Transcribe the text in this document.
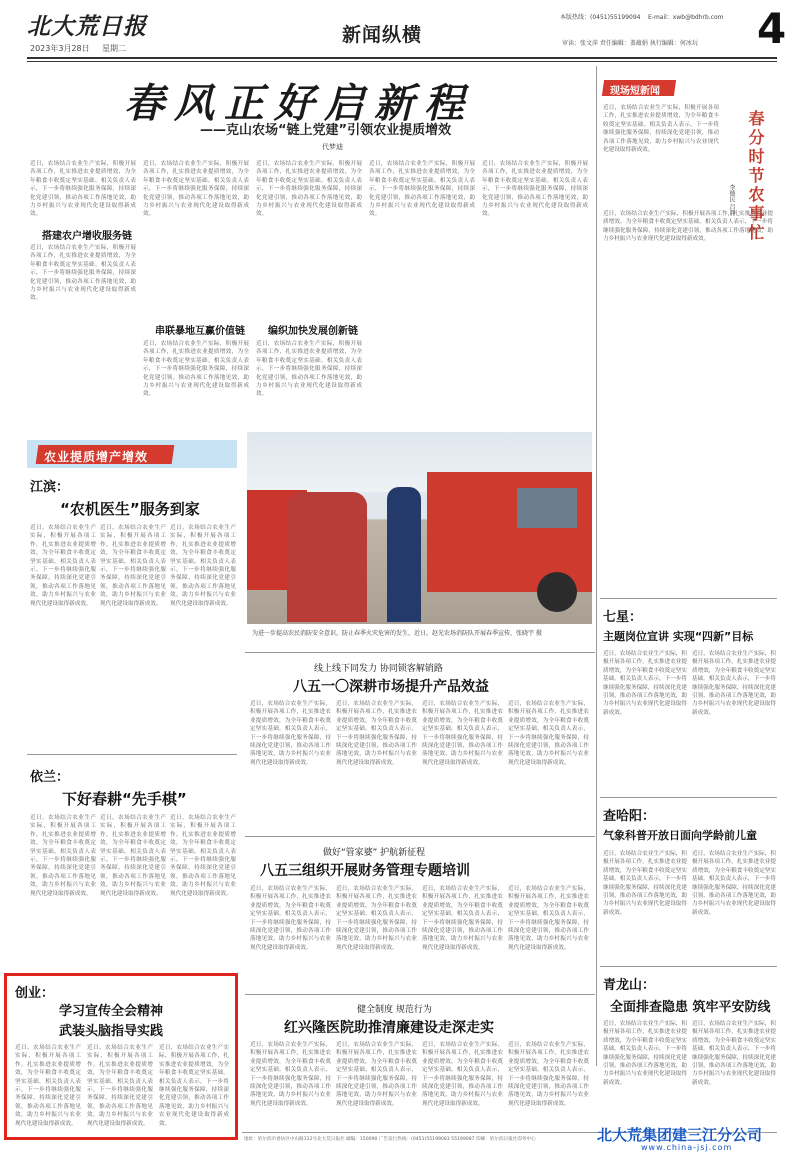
北大荒日报
2023年3月28日 星期二
新闻纵横
本版热线：(0451)55199094 E-mail：xwb@bdhrb.com
审读：张文萍 责任编辑：盖蕴娟 执行编辑：何冰玩 4
春风正好启新程
——克山农场“链上党建”引领农业提质增效
代梦迪
近日，农场结合农业生产实际，积极开展各项工作，扎实推进农业提质增效，为全年粮食丰收奠定坚实基础。相关负责人表示，下一步将继续强化服务保障，持续深化党建引领，推动各项工作落地见效，助力乡村振兴与农业现代化建设取得新成效。
搭建农户增收服务链
近日，农场结合农业生产实际，积极开展各项工作，扎实推进农业提质增效，为全年粮食丰收奠定坚实基础。相关负责人表示，下一步将继续强化服务保障，持续深化党建引领，推动各项工作落地见效，助力乡村振兴与农业现代化建设取得新成效。
近日，农场结合农业生产实际，积极开展各项工作，扎实推进农业提质增效，为全年粮食丰收奠定坚实基础。相关负责人表示，下一步将继续强化服务保障，持续深化党建引领，推动各项工作落地见效，助力乡村振兴与农业现代化建设取得新成效。
串联暴地互赢价值链
近日，农场结合农业生产实际，积极开展各项工作，扎实推进农业提质增效，为全年粮食丰收奠定坚实基础。相关负责人表示，下一步将继续强化服务保障，持续深化党建引领，推动各项工作落地见效，助力乡村振兴与农业现代化建设取得新成效。
近日，农场结合农业生产实际，积极开展各项工作，扎实推进农业提质增效，为全年粮食丰收奠定坚实基础。相关负责人表示，下一步将继续强化服务保障，持续深化党建引领，推动各项工作落地见效，助力乡村振兴与农业现代化建设取得新成效。
编织加快发展创新链
近日，农场结合农业生产实际，积极开展各项工作，扎实推进农业提质增效，为全年粮食丰收奠定坚实基础。相关负责人表示，下一步将继续强化服务保障，持续深化党建引领，推动各项工作落地见效，助力乡村振兴与农业现代化建设取得新成效。
近日，农场结合农业生产实际，积极开展各项工作，扎实推进农业提质增效，为全年粮食丰收奠定坚实基础。相关负责人表示，下一步将继续强化服务保障，持续深化党建引领，推动各项工作落地见效，助力乡村振兴与农业现代化建设取得新成效。
近日，农场结合农业生产实际，积极开展各项工作，扎实推进农业提质增效，为全年粮食丰收奠定坚实基础。相关负责人表示，下一步将继续强化服务保障，持续深化党建引领，推动各项工作落地见效，助力乡村振兴与农业现代化建设取得新成效。
现场短新闻
近日，农场结合农业生产实际，积极开展各项工作，扎实推进农业提质增效，为全年粮食丰收奠定坚实基础。相关负责人表示，下一步将继续强化服务保障，持续深化党建引领，推动各项工作落地见效，助力乡村振兴与农业现代化建设取得新成效。	春分时节农事忙
李德民 吕静
近日，农场结合农业生产实际，积极开展各项工作，扎实推进农业提质增效，为全年粮食丰收奠定坚实基础。相关负责人表示，下一步将继续强化服务保障，持续深化党建引领，推动各项工作落地见效，助力乡村振兴与农业现代化建设取得新成效。
农业提质增产增效
江滨：
“农机医生”服务到家
近日，农场结合农业生产实际，积极开展各项工作，扎实推进农业提质增效，为全年粮食丰收奠定坚实基础。相关负责人表示，下一步将继续强化服务保障，持续深化党建引领，推动各项工作落地见效，助力乡村振兴与农业现代化建设取得新成效。
近日，农场结合农业生产实际，积极开展各项工作，扎实推进农业提质增效，为全年粮食丰收奠定坚实基础。相关负责人表示，下一步将继续强化服务保障，持续深化党建引领，推动各项工作落地见效，助力乡村振兴与农业现代化建设取得新成效。
近日，农场结合农业生产实际，积极开展各项工作，扎实推进农业提质增效，为全年粮食丰收奠定坚实基础。相关负责人表示，下一步将继续强化服务保障，持续深化党建引领，推动各项工作落地见效，助力乡村振兴与农业现代化建设取得新成效。
为进一步提高农民消防安全意识，防止春季火灾危害的发生，近日，赵光农场消防队开展春季宣传，张晓宇 摄
线上线下同发力 协同锁客解销路
八五一〇深耕市场提升产品效益
近日，农场结合农业生产实际，积极开展各项工作，扎实推进农业提质增效，为全年粮食丰收奠定坚实基础。相关负责人表示，下一步将继续强化服务保障，持续深化党建引领，推动各项工作落地见效，助力乡村振兴与农业现代化建设取得新成效。
近日，农场结合农业生产实际，积极开展各项工作，扎实推进农业提质增效，为全年粮食丰收奠定坚实基础。相关负责人表示，下一步将继续强化服务保障，持续深化党建引领，推动各项工作落地见效，助力乡村振兴与农业现代化建设取得新成效。
近日，农场结合农业生产实际，积极开展各项工作，扎实推进农业提质增效，为全年粮食丰收奠定坚实基础。相关负责人表示，下一步将继续强化服务保障，持续深化党建引领，推动各项工作落地见效，助力乡村振兴与农业现代化建设取得新成效。
近日，农场结合农业生产实际，积极开展各项工作，扎实推进农业提质增效，为全年粮食丰收奠定坚实基础。相关负责人表示，下一步将继续强化服务保障，持续深化党建引领，推动各项工作落地见效，助力乡村振兴与农业现代化建设取得新成效。
依兰：
下好春耕“先手棋”
近日，农场结合农业生产实际，积极开展各项工作，扎实推进农业提质增效，为全年粮食丰收奠定坚实基础。相关负责人表示，下一步将继续强化服务保障，持续深化党建引领，推动各项工作落地见效，助力乡村振兴与农业现代化建设取得新成效。
近日，农场结合农业生产实际，积极开展各项工作，扎实推进农业提质增效，为全年粮食丰收奠定坚实基础。相关负责人表示，下一步将继续强化服务保障，持续深化党建引领，推动各项工作落地见效，助力乡村振兴与农业现代化建设取得新成效。
近日，农场结合农业生产实际，积极开展各项工作，扎实推进农业提质增效，为全年粮食丰收奠定坚实基础。相关负责人表示，下一步将继续强化服务保障，持续深化党建引领，推动各项工作落地见效，助力乡村振兴与农业现代化建设取得新成效。
做好“管家婆” 护航新征程
八五三组织开展财务管理专题培训
近日，农场结合农业生产实际，积极开展各项工作，扎实推进农业提质增效，为全年粮食丰收奠定坚实基础。相关负责人表示，下一步将继续强化服务保障，持续深化党建引领，推动各项工作落地见效，助力乡村振兴与农业现代化建设取得新成效。
近日，农场结合农业生产实际，积极开展各项工作，扎实推进农业提质增效，为全年粮食丰收奠定坚实基础。相关负责人表示，下一步将继续强化服务保障，持续深化党建引领，推动各项工作落地见效，助力乡村振兴与农业现代化建设取得新成效。
近日，农场结合农业生产实际，积极开展各项工作，扎实推进农业提质增效，为全年粮食丰收奠定坚实基础。相关负责人表示，下一步将继续强化服务保障，持续深化党建引领，推动各项工作落地见效，助力乡村振兴与农业现代化建设取得新成效。
近日，农场结合农业生产实际，积极开展各项工作，扎实推进农业提质增效，为全年粮食丰收奠定坚实基础。相关负责人表示，下一步将继续强化服务保障，持续深化党建引领，推动各项工作落地见效，助力乡村振兴与农业现代化建设取得新成效。
健全制度 规范行为
红兴隆医院助推清廉建设走深走实
近日，农场结合农业生产实际，积极开展各项工作，扎实推进农业提质增效，为全年粮食丰收奠定坚实基础。相关负责人表示，下一步将继续强化服务保障，持续深化党建引领，推动各项工作落地见效，助力乡村振兴与农业现代化建设取得新成效。
近日，农场结合农业生产实际，积极开展各项工作，扎实推进农业提质增效，为全年粮食丰收奠定坚实基础。相关负责人表示，下一步将继续强化服务保障，持续深化党建引领，推动各项工作落地见效，助力乡村振兴与农业现代化建设取得新成效。
近日，农场结合农业生产实际，积极开展各项工作，扎实推进农业提质增效，为全年粮食丰收奠定坚实基础。相关负责人表示，下一步将继续强化服务保障，持续深化党建引领，推动各项工作落地见效，助力乡村振兴与农业现代化建设取得新成效。
近日，农场结合农业生产实际，积极开展各项工作，扎实推进农业提质增效，为全年粮食丰收奠定坚实基础。相关负责人表示，下一步将继续强化服务保障，持续深化党建引领，推动各项工作落地见效，助力乡村振兴与农业现代化建设取得新成效。
七星：
主题岗位宣讲 实现“四新”目标
近日，农场结合农业生产实际，积极开展各项工作，扎实推进农业提质增效，为全年粮食丰收奠定坚实基础。相关负责人表示，下一步将继续强化服务保障，持续深化党建引领，推动各项工作落地见效，助力乡村振兴与农业现代化建设取得新成效。
近日，农场结合农业生产实际，积极开展各项工作，扎实推进农业提质增效，为全年粮食丰收奠定坚实基础。相关负责人表示，下一步将继续强化服务保障，持续深化党建引领，推动各项工作落地见效，助力乡村振兴与农业现代化建设取得新成效。
查哈阳：
气象科普开放日面向学龄前儿童
近日，农场结合农业生产实际，积极开展各项工作，扎实推进农业提质增效，为全年粮食丰收奠定坚实基础。相关负责人表示，下一步将继续强化服务保障，持续深化党建引领，推动各项工作落地见效，助力乡村振兴与农业现代化建设取得新成效。
近日，农场结合农业生产实际，积极开展各项工作，扎实推进农业提质增效，为全年粮食丰收奠定坚实基础。相关负责人表示，下一步将继续强化服务保障，持续深化党建引领，推动各项工作落地见效，助力乡村振兴与农业现代化建设取得新成效。
青龙山：
全面排查隐患 筑牢平安防线
近日，农场结合农业生产实际，积极开展各项工作，扎实推进农业提质增效，为全年粮食丰收奠定坚实基础。相关负责人表示，下一步将继续强化服务保障，持续深化党建引领，推动各项工作落地见效，助力乡村振兴与农业现代化建设取得新成效。
近日，农场结合农业生产实际，积极开展各项工作，扎实推进农业提质增效，为全年粮食丰收奠定坚实基础。相关负责人表示，下一步将继续强化服务保障，持续深化党建引领，推动各项工作落地见效，助力乡村振兴与农业现代化建设取得新成效。
创业：
学习宣传全会精神
武装头脑指导实践
近日，农场结合农业生产实际，积极开展各项工作，扎实推进农业提质增效，为全年粮食丰收奠定坚实基础。相关负责人表示，下一步将继续强化服务保障，持续深化党建引领，推动各项工作落地见效，助力乡村振兴与农业现代化建设取得新成效。
近日，农场结合农业生产实际，积极开展各项工作，扎实推进农业提质增效，为全年粮食丰收奠定坚实基础。相关负责人表示，下一步将继续强化服务保障，持续深化党建引领，推动各项工作落地见效，助力乡村振兴与农业现代化建设取得新成效。
近日，农场结合农业生产实际，积极开展各项工作，扎实推进农业提质增效，为全年粮食丰收奠定坚实基础。相关负责人表示，下一步将继续强化服务保障，持续深化党建引领，推动各项工作落地见效，助力乡村振兴与农业现代化建设取得新成效。
地址：哈尔滨市香坊区中山路112号北大荒日报社 邮编：150090 广告发行热线：(0451)55199083 55199087 印刷：哈尔滨日报社印务中心	北大荒集团建三江分公司
www.china-jsj.com
